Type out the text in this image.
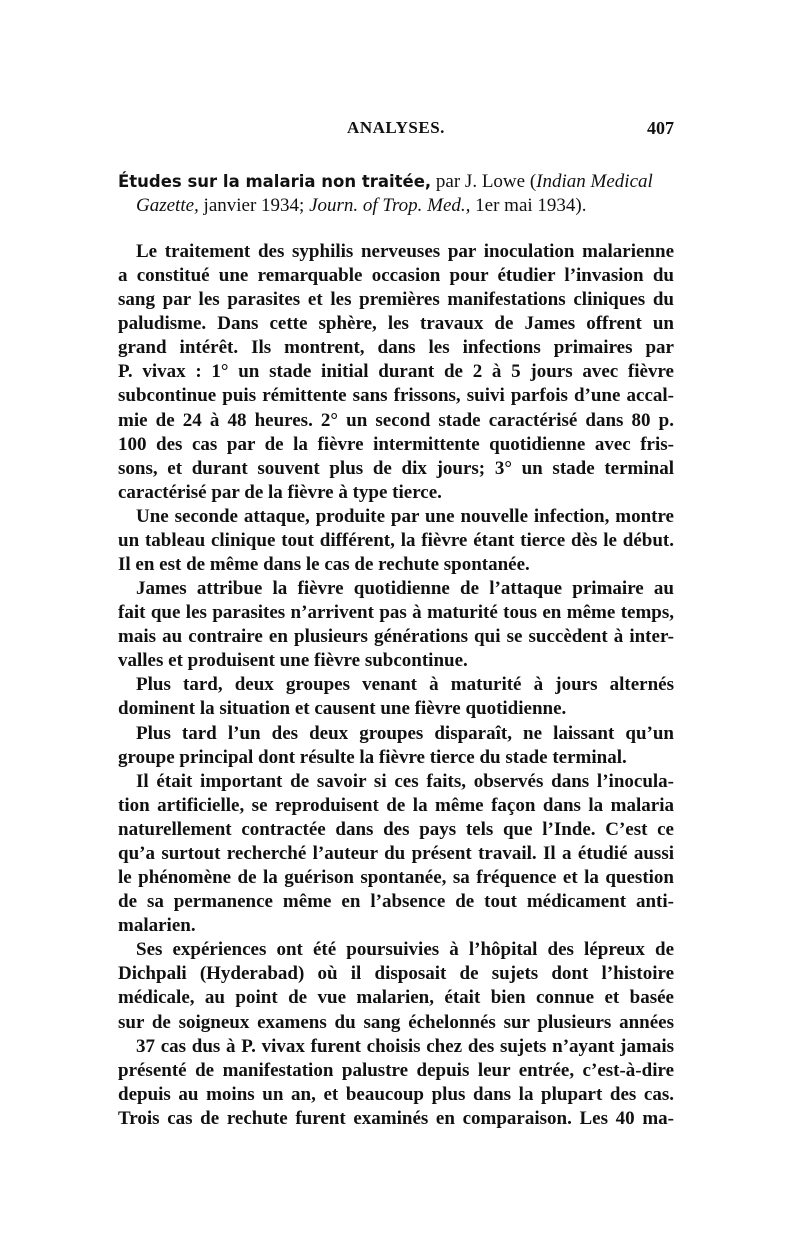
ANALYSES.	407
Études sur la malaria non traitée, par J. Lowe (Indian Medical
Gazette, janvier 1934; Journ. of Trop. Med., 1er mai 1934).
Le traitement des syphilis nerveuses par inoculation malarienne
a constitué une remarquable occasion pour étudier l’invasion du
sang par les parasites et les premières manifestations cliniques du
paludisme. Dans cette sphère, les travaux de James offrent un
grand intérêt. Ils montrent, dans les infections primaires par
P. vivax : 1° un stade initial durant de 2 à 5 jours avec fièvre
subcontinue puis rémittente sans frissons, suivi parfois d’une accal-
mie de 24 à 48 heures. 2° un second stade caractérisé dans 80 p.
100 des cas par de la fièvre intermittente quotidienne avec fris-
sons, et durant souvent plus de dix jours; 3° un stade terminal
caractérisé par de la fièvre à type tierce.
Une seconde attaque, produite par une nouvelle infection, montre
un tableau clinique tout différent, la fièvre étant tierce dès le début.
Il en est de même dans le cas de rechute spontanée.
James attribue la fièvre quotidienne de l’attaque primaire au
fait que les parasites n’arrivent pas à maturité tous en même temps,
mais au contraire en plusieurs générations qui se succèdent à inter-
valles et produisent une fièvre subcontinue.
Plus tard, deux groupes venant à maturité à jours alternés
dominent la situation et causent une fièvre quotidienne.
Plus tard l’un des deux groupes disparaît, ne laissant qu’un
groupe principal dont résulte la fièvre tierce du stade terminal.
Il était important de savoir si ces faits, observés dans l’inocula-
tion artificielle, se reproduisent de la même façon dans la malaria
naturellement contractée dans des pays tels que l’Inde. C’est ce
qu’a surtout recherché l’auteur du présent travail. Il a étudié aussi
le phénomène de la guérison spontanée, sa fréquence et la question
de sa permanence même en l’absence de tout médicament anti-
malarien.
Ses expériences ont été poursuivies à l’hôpital des lépreux de
Dichpali (Hyderabad) où il disposait de sujets dont l’histoire
médicale, au point de vue malarien, était bien connue et basée
sur de soigneux examens du sang échelonnés sur plusieurs années
37 cas dus à P. vivax furent choisis chez des sujets n’ayant jamais
présenté de manifestation palustre depuis leur entrée, c’est-à-dire
depuis au moins un an, et beaucoup plus dans la plupart des cas.
Trois cas de rechute furent examinés en comparaison. Les 40 ma-
